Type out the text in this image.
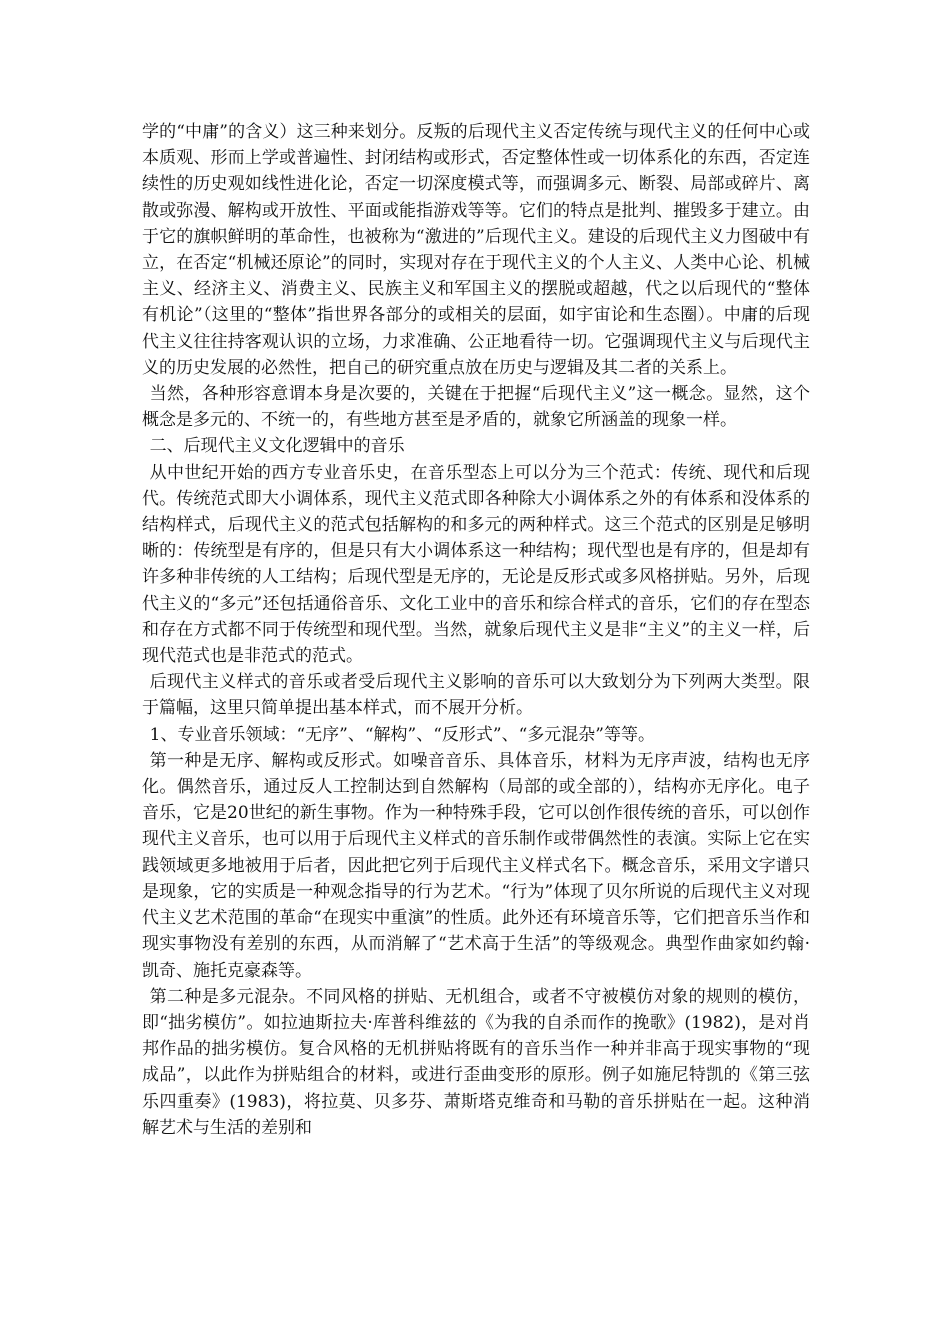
学的“中庸”的含义）这三种来划分。反叛的后现代主义否定传统与现代主义的任何中心或本质观、形而上学或普遍性、封闭结构或形式，否定整体性或一切体系化的东西，否定连续性的历史观如线性进化论，否定一切深度模式等，而强调多元、断裂、局部或碎片、离散或弥漫、解构或开放性、平面或能指游戏等等。它们的特点是批判、摧毁多于建立。由于它的旗帜鲜明的革命性，也被称为“激进的”后现代主义。建设的后现代主义力图破中有立，在否定“机械还原论”的同时，实现对存在于现代主义的个人主义、人类中心论、机械主义、经济主义、消费主义、民族主义和军国主义的摆脱或超越，代之以后现代的“整体有机论”（这里的“整体”指世界各部分的或相关的层面，如宇宙论和生态圈）。中庸的后现代主义往往持客观认识的立场，力求准确、公正地看待一切。它强调现代主义与后现代主义的历史发展的必然性，把自己的研究重点放在历史与逻辑及其二者的关系上。

当然，各种形容意谓本身是次要的，关键在于把握“后现代主义”这一概念。显然，这个概念是多元的、不统一的，有些地方甚至是矛盾的，就象它所涵盖的现象一样。

二、后现代主义文化逻辑中的音乐

从中世纪开始的西方专业音乐史，在音乐型态上可以分为三个范式：传统、现代和后现代。传统范式即大小调体系，现代主义范式即各种除大小调体系之外的有体系和没体系的结构样式，后现代主义的范式包括解构的和多元的两种样式。这三个范式的区别是足够明晰的：传统型是有序的，但是只有大小调体系这一种结构；现代型也是有序的，但是却有许多种非传统的人工结构；后现代型是无序的，无论是反形式或多风格拼贴。另外，后现代主义的“多元”还包括通俗音乐、文化工业中的音乐和综合样式的音乐，它们的存在型态和存在方式都不同于传统型和现代型。当然，就象后现代主义是非“主义”的主义一样，后现代范式也是非范式的范式。

后现代主义样式的音乐或者受后现代主义影响的音乐可以大致划分为下列两大类型。限于篇幅，这里只简单提出基本样式，而不展开分析。

1、专业音乐领域：“无序”、“解构”、“反形式”、“多元混杂”等等。

第一种是无序、解构或反形式。如噪音音乐、具体音乐，材料为无序声波，结构也无序化。偶然音乐，通过反人工控制达到自然解构（局部的或全部的），结构亦无序化。电子音乐，它是20世纪的新生事物。作为一种特殊手段，它可以创作很传统的音乐，可以创作现代主义音乐，也可以用于后现代主义样式的音乐制作或带偶然性的表演。实际上它在实践领域更多地被用于后者，因此把它列于后现代主义样式名下。概念音乐，采用文字谱只是现象，它的实质是一种观念指导的行为艺术。“行为”体现了贝尔所说的后现代主义对现代主义艺术范围的革命“在现实中重演”的性质。此外还有环境音乐等，它们把音乐当作和现实事物没有差别的东西，从而消解了“艺术高于生活”的等级观念。典型作曲家如约翰·凯奇、施托克豪森等。

第二种是多元混杂。不同风格的拼贴、无机组合，或者不守被模仿对象的规则的模仿，即“拙劣模仿”。如拉迪斯拉夫·库普科维兹的《为我的自杀而作的挽歌》(1982)，是对肖邦作品的拙劣模仿。复合风格的无机拼贴将既有的音乐当作一种并非高于现实事物的“现成品”，以此作为拼贴组合的材料，或进行歪曲变形的原形。例子如施尼特凯的《第三弦乐四重奏》(1983)，将拉莫、贝多芬、萧斯塔克维奇和马勒的音乐拼贴在一起。这种消解艺术与生活的差别和
